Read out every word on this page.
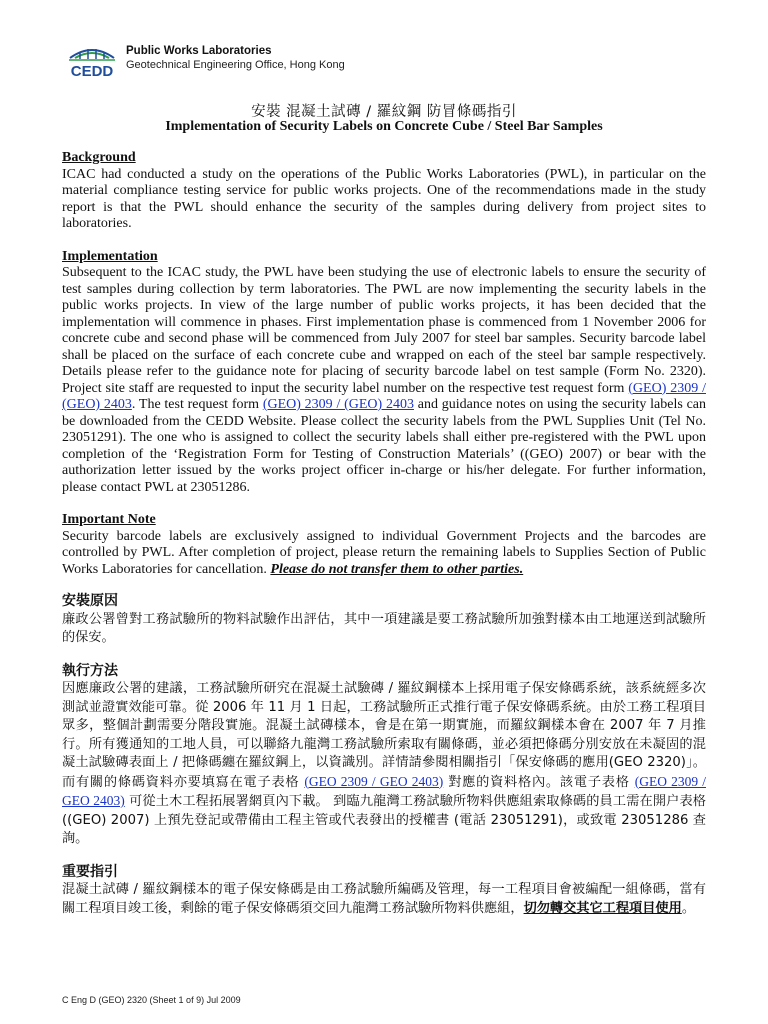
CEDD
Public Works Laboratories
Geotechnical Engineering Office, Hong Kong
安裝 混凝土試磚 / 羅紋鋼 防冒條碼指引
Implementation of Security Labels on Concrete Cube / Steel Bar Samples

Background

ICAC had conducted a study on the operations of the Public Works Laboratories (PWL), in particular on the material compliance testing service for public works projects. One of the recommendations made in the study report is that the PWL should enhance the security of the samples during delivery from project sites to laboratories.

Implementation

Subsequent to the ICAC study, the PWL have been studying the use of electronic labels to ensure the security of test samples during collection by term laboratories. The PWL are now implementing the security labels in the public works projects. In view of the large number of public works projects, it has been decided that the implementation will commence in phases. First implementation phase is commenced from 1 November 2006 for concrete cube and second phase will be commenced from July 2007 for steel bar samples. Security barcode label shall be placed on the surface of each concrete cube and wrapped on each of the steel bar sample respectively. Details please refer to the guidance note for placing of security barcode label on test sample (Form No. 2320). Project site staff are requested to input the security label number on the respective test request form (GEO) 2309 / (GEO) 2403. The test request form (GEO) 2309 / (GEO) 2403 and guidance notes on using the security labels can be downloaded from the CEDD Website. Please collect the security labels from the PWL Supplies Unit (Tel No. 23051291). The one who is assigned to collect the security labels shall either pre-registered with the PWL upon completion of the ‘Registration Form for Testing of Construction Materials’ ((GEO) 2007) or bear with the authorization letter issued by the works project officer in-charge or his/her delegate. For further information, please contact PWL at 23051286.

Important Note

Security barcode labels are exclusively assigned to individual Government Projects and the barcodes are controlled by PWL. After completion of project, please return the remaining labels to Supplies Section of Public Works Laboratories for cancellation. Please do not transfer them to other parties.

安裝原因

廉政公署曾對工務試驗所的物料試驗作出評估，其中一項建議是要工務試驗所加強對樣本由工地運送到試驗所的保安。

執行方法

因應廉政公署的建議，工務試驗所研究在混凝土試驗磚 / 羅紋鋼樣本上採用電子保安條碼系統，該系統經多次測試並證實效能可靠。從 2006 年 11 月 1 日起，工務試驗所正式推行電子保安條碼系統。由於工務工程項目眾多，整個計劃需要分階段實施。混凝土試磚樣本，會是在第一期實施，而羅紋鋼樣本會在 2007 年 7 月推行。所有獲通知的工地人員，可以聯絡九龍灣工務試驗所索取有關條碼，並必須把條碼分別安放在未凝固的混凝土試驗磚表面上 / 把條碼纏在羅紋鋼上，以資識別。詳情請參閱相關指引「保安條碼的應用(GEO 2320)」。而有關的條碼資料亦要填寫在電子表格 (GEO 2309 / GEO 2403) 對應的資料格內。該電子表格 (GEO 2309 / GEO 2403) 可從土木工程拓展署網頁內下載。 到臨九龍灣工務試驗所物料供應組索取條碼的員工需在開户表格 ((GEO) 2007) 上預先登記或帶備由工程主管或代表發出的授權書 (電話 23051291)，或致電 23051286 查詢。

重要指引

混凝土試磚 / 羅紋鋼樣本的電子保安條碼是由工務試驗所編碼及管理，每一工程項目會被編配一組條碼，當有關工程項目竣工後，剩餘的電子保安條碼須交回九龍灣工務試驗所物料供應組，切勿轉交其它工程項目使用。

C Eng D (GEO) 2320 (Sheet 1 of 9) Jul 2009
